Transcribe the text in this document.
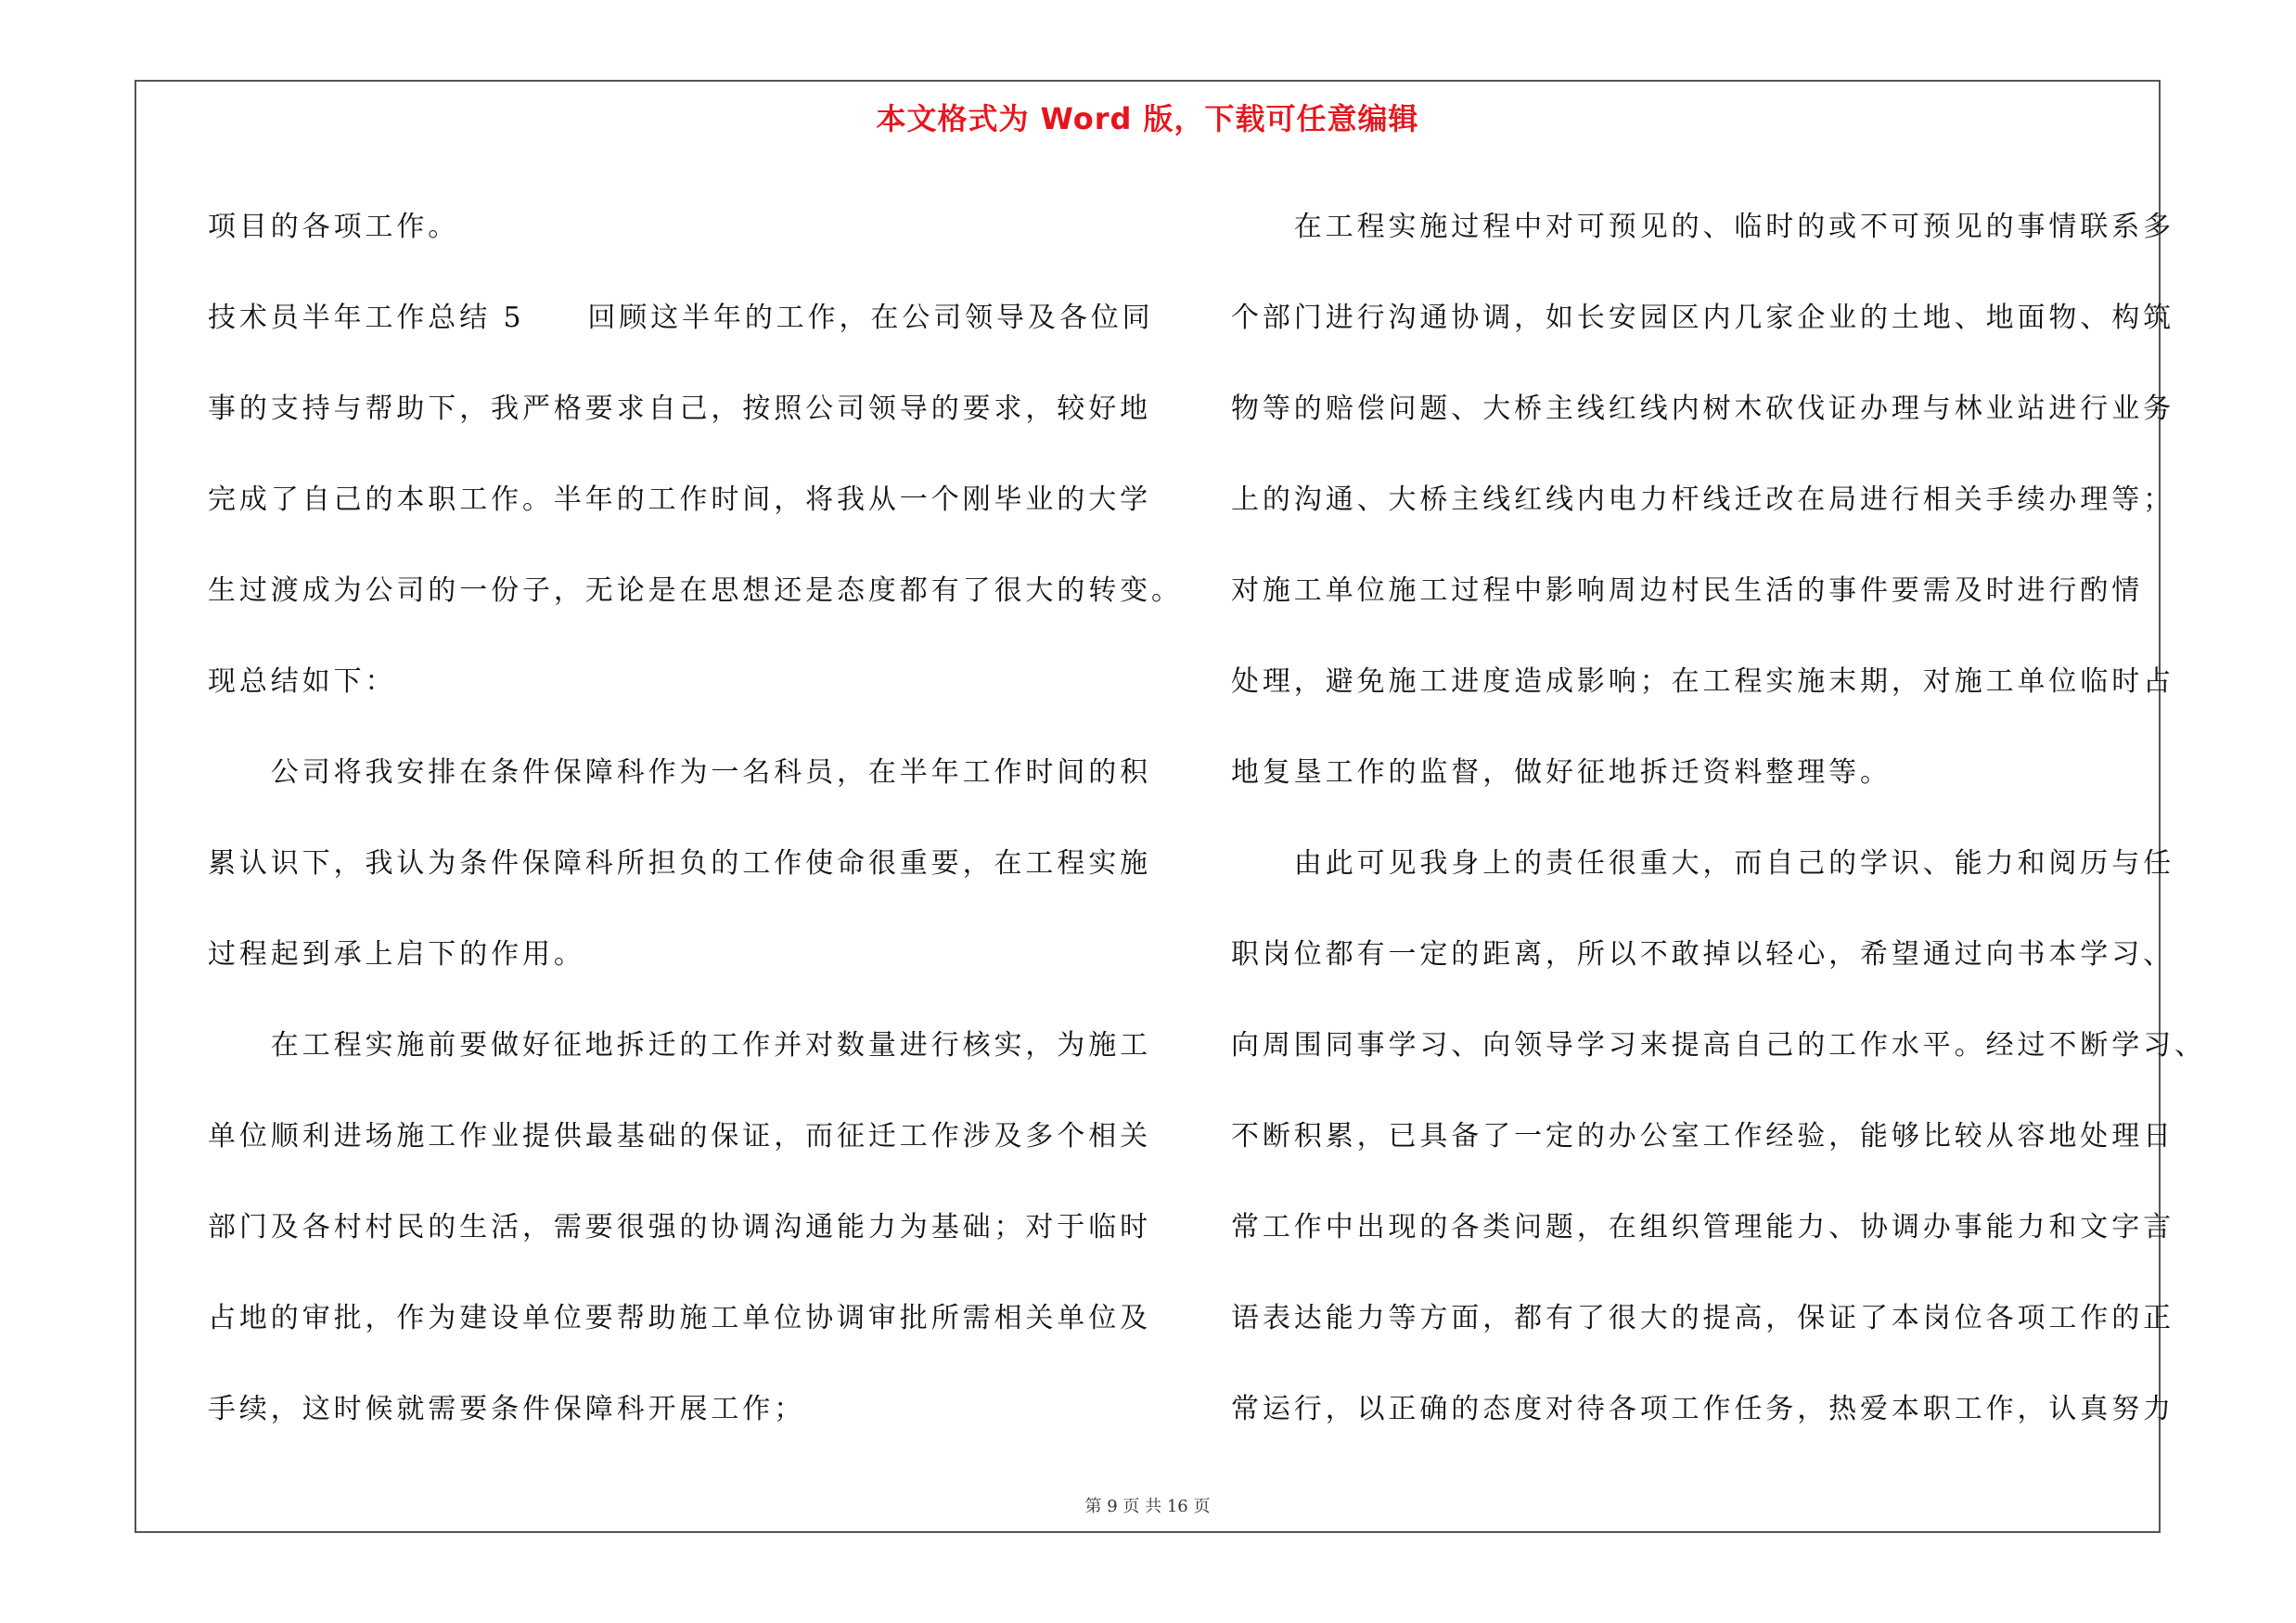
本文格式为 Word 版，下载可任意编辑
项目的各项工作。
技术员半年工作总结 5　　回顾这半年的工作，在公司领导及各位同
事的支持与帮助下，我严格要求自己，按照公司领导的要求，较好地
完成了自己的本职工作。半年的工作时间，将我从一个刚毕业的大学
生过渡成为公司的一份子，无论是在思想还是态度都有了很大的转变。
现总结如下：
　　公司将我安排在条件保障科作为一名科员，在半年工作时间的积
累认识下，我认为条件保障科所担负的工作使命很重要，在工程实施
过程起到承上启下的作用。
　　在工程实施前要做好征地拆迁的工作并对数量进行核实，为施工
单位顺利进场施工作业提供最基础的保证，而征迁工作涉及多个相关
部门及各村村民的生活，需要很强的协调沟通能力为基础；对于临时
占地的审批，作为建设单位要帮助施工单位协调审批所需相关单位及
手续，这时候就需要条件保障科开展工作；
　　在工程实施过程中对可预见的、临时的或不可预见的事情联系多
个部门进行沟通协调，如长安园区内几家企业的土地、地面物、构筑
物等的赔偿问题、大桥主线红线内树木砍伐证办理与林业站进行业务
上的沟通、大桥主线红线内电力杆线迁改在局进行相关手续办理等；
对施工单位施工过程中影响周边村民生活的事件要需及时进行酌情
处理，避免施工进度造成影响；在工程实施末期，对施工单位临时占
地复垦工作的监督，做好征地拆迁资料整理等。
　　由此可见我身上的责任很重大，而自己的学识、能力和阅历与任
职岗位都有一定的距离，所以不敢掉以轻心，希望通过向书本学习、
向周围同事学习、向领导学习来提高自己的工作水平。经过不断学习、
不断积累，已具备了一定的办公室工作经验，能够比较从容地处理日
常工作中出现的各类问题，在组织管理能力、协调办事能力和文字言
语表达能力等方面，都有了很大的提高，保证了本岗位各项工作的正
常运行，以正确的态度对待各项工作任务，热爱本职工作，认真努力
第 9 页 共 16 页
